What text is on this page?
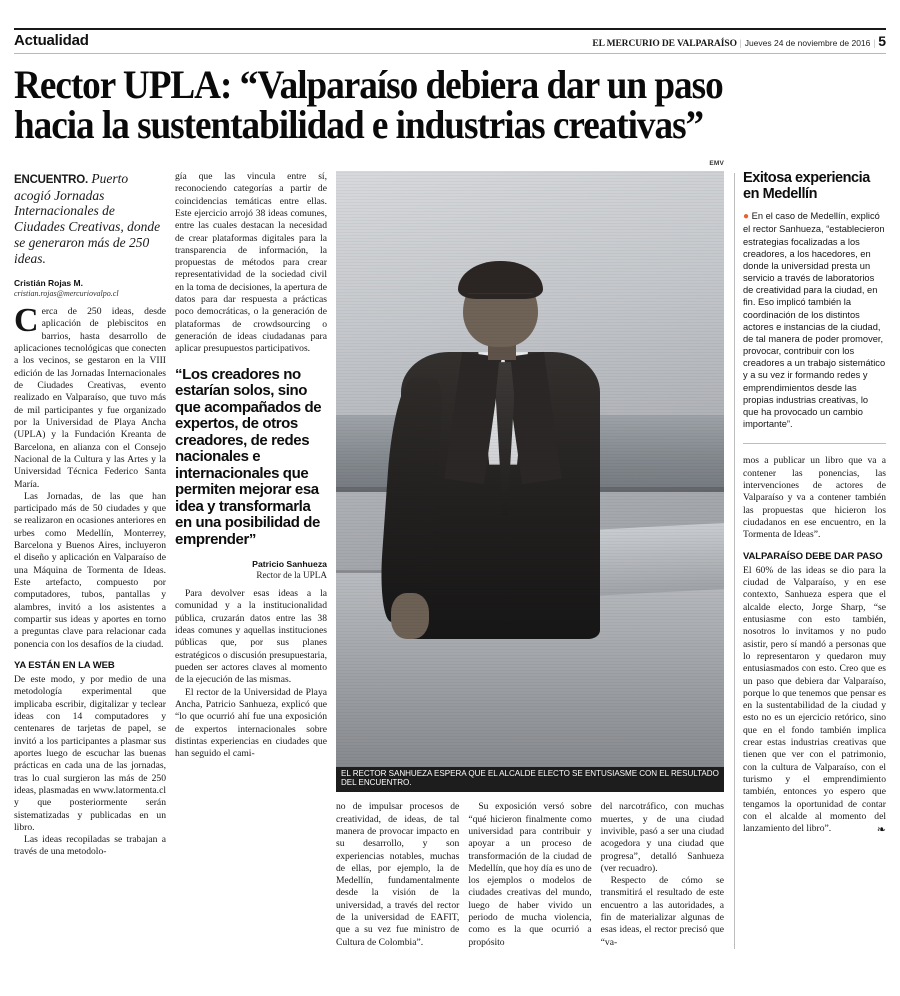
Actualidad	EL MERCURIO DE VALPARAÍSO | Jueves 24 de noviembre de 2016 | 5
Rector UPLA: “Valparaíso debiera dar un paso
hacia la sustentabilidad e industrias creativas”
ENCUENTRO. Puerto acogió Jornadas Internacionales de Ciudades Creativas, donde se generaron más de 250 ideas.
Cristián Rojas M.
cristian.rojas@mercuriovalpo.cl

Cerca de 250 ideas, desde aplicación de plebiscitos en barrios, hasta desarrollo de aplicaciones tecnológicas que conecten a los vecinos, se gestaron en la VIII edición de las Jornadas Internacionales de Ciudades Creativas, evento realizado en Valparaíso, que tuvo más de mil participantes y fue organizado por la Universidad de Playa Ancha (UPLA) y la Fundación Kreanta de Barcelona, en alianza con el Consejo Nacional de la Cultura y las Artes y la Universidad Técnica Federico Santa María.

Las Jornadas, de las que han participado más de 50 ciudades y que se realizaron en ocasiones anteriores en urbes como Medellín, Monterrey, Barcelona y Buenos Aires, incluyeron el diseño y aplicación en Valparaíso de una Máquina de Tormenta de Ideas. Este artefacto, compuesto por computadores, tubos, pantallas y alambres, invitó a los asistentes a compartir sus ideas y aportes en torno a preguntas clave para relacionar cada ponencia con los desafíos de la ciudad.

YA ESTÁN EN LA WEB

De este modo, y por medio de una metodología experimental que implicaba escribir, digitalizar y teclear ideas con 14 computadores y centenares de tarjetas de papel, se invitó a los participantes a plasmar sus aportes luego de escuchar las buenas prácticas en cada una de las jornadas, tras lo cual surgieron las más de 250 ideas, plasmadas en www.latormenta.cl y que posteriormente serán sistematizadas y publicadas en un libro.

Las ideas recopiladas se trabajan a través de una metodolo-

gía que las vincula entre sí, reconociendo categorías a partir de coincidencias temáticas entre ellas. Este ejercicio arrojó 38 ideas comunes, entre las cuales destacan la necesidad de crear plataformas digitales para la transparencia de información, la propuestas de métodos para crear representatividad de la sociedad civil en la toma de decisiones, la apertura de datos para dar respuesta a prácticas poco democráticas, o la generación de plataformas de crowdsourcing o generación de ideas ciudadanas para aplicar presupuestos participativos.

“Los creadores no estarían solos, sino que acompañados de expertos, de otros creadores, de redes nacionales e internacionales que permiten mejorar esa idea y transformarla en una posibilidad de emprender”
Patricio Sanhueza
Rector de la UPLA

Para devolver esas ideas a la comunidad y a la institucionalidad pública, cruzarán datos entre las 38 ideas comunes y aquellas instituciones públicas que, por sus planes estratégicos o discusión presupuestaria, pueden ser actores claves al momento de la ejecución de las mismas.

El rector de la Universidad de Playa Ancha, Patricio Sanhueza, explicó que “lo que ocurrió ahí fue una exposición de expertos internacionales sobre distintas experiencias en ciudades que han seguido el cami-

EMV
EL RECTOR SANHUEZA ESPERA QUE EL ALCALDE ELECTO SE ENTUSIASME CON EL RESULTADO DEL ENCUENTRO.

no de impulsar procesos de creatividad, de ideas, de tal manera de provocar impacto en su desarrollo, y son experiencias notables, muchas de ellas, por ejemplo, la de Medellín, fundamentalmente desde la visión de la universidad, a través del rector de la universidad de EAFIT, que a su vez fue ministro de Cultura de Colombia”.

Su exposición versó sobre “qué hicieron finalmente como universidad para contribuir y apoyar a un proceso de transformación de la ciudad de Medellín, que hoy día es uno de los ejemplos o modelos de ciudades creativas del mundo, luego de haber vivido un periodo de mucha violencia, como es la que ocurrió a propósito

del narcotráfico, con muchas muertes, y de una ciudad invivible, pasó a ser una ciudad acogedora y una ciudad que progresa”, detalló Sanhueza (ver recuadro).

Respecto de cómo se transmitirá el resultado de este encuentro a las autoridades, a fin de materializar algunas de esas ideas, el rector precisó que “va-

Exitosa experiencia
en Medellín
● En el caso de Medellín, explicó el rector Sanhueza, “establecieron estrategias focalizadas a los creadores, a los hacedores, en donde la universidad presta un servicio a través de laboratorios de creatividad para la ciudad, en fin. Eso implicó también la coordinación de los distintos actores e instancias de la ciudad, de tal manera de poder promover, provocar, contribuir con los creadores a un trabajo sistemático y a su vez ir formando redes y emprendimientos desde las propias industrias creativas, lo que ha provocado un cambio importante”.

mos a publicar un libro que va a contener las ponencias, las intervenciones de actores de Valparaíso y va a contener también las propuestas que hicieron los ciudadanos en ese encuentro, en la Tormenta de Ideas”.

VALPARAÍSO DEBE DAR PASO

El 60% de las ideas se dio para la ciudad de Valparaíso, y en ese contexto, Sanhueza espera que el alcalde electo, Jorge Sharp, “se entusiasme con esto también, nosotros lo invitamos y no pudo asistir, pero sí mandó a personas que lo representaron y quedaron muy entusiasmados con esto. Creo que es un paso que debiera dar Valparaíso, porque lo que tenemos que pensar es en la sustentabilidad de la ciudad y esto no es un ejercicio retórico, sino que en el fondo también implica crear estas industrias creativas que tienen que ver con el patrimonio, con la cultura de Valparaíso, con el turismo y el emprendimiento también, entonces yo espero que tengamos la oportunidad de contar con el alcalde al momento del lanzamiento del libro”.	❧
